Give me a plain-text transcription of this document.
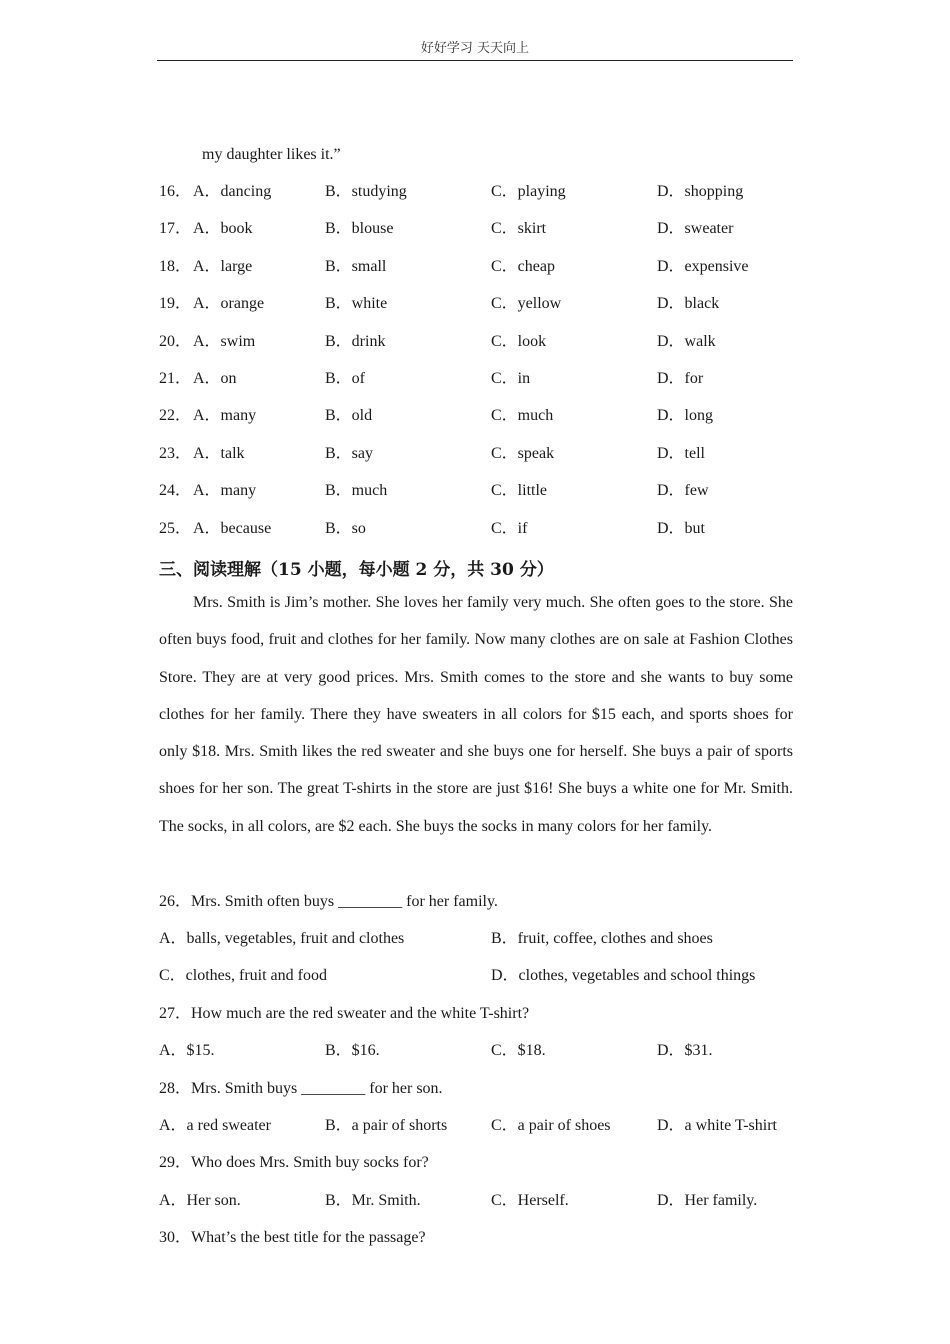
好好学习 天天向上
my daughter likes it.”
16． A．dancing	B．studying	C．playing	D．shopping
17． A．book	B．blouse	C．skirt	D．sweater
18． A．large	B．small	C．cheap	D．expensive
19． A．orange	B．white	C．yellow	D．black
20． A．swim	B．drink	C．look	D．walk
21． A．on	B．of	C．in	D．for
22． A．many	B．old	C．much	D．long
23． A．talk	B．say	C．speak	D．tell
24． A．many	B．much	C．little	D．few
25． A．because	B．so	C．if	D．but
三、阅读理解（15 小题，每小题 2 分，共 30 分）

Mrs. Smith is Jim’s mother. She loves her family very much. She often goes to the store. She often buys food, fruit and clothes for her family. Now many clothes are on sale at Fashion Clothes Store. They are at very good prices. Mrs. Smith comes to the store and she wants to buy some clothes for her family. There they have sweaters in all colors for $15 each, and sports shoes for only $18. Mrs. Smith likes the red sweater and she buys one for herself. She buys a pair of sports shoes for her son. The great T-shirts in the store are just $16! She buys a white one for Mr. Smith. The socks, in all colors, are $2 each. She buys the socks in many colors for her family.

26．Mrs. Smith often buys ________ for her family.
A．balls, vegetables, fruit and clothes	B．fruit, coffee, clothes and shoes
C．clothes, fruit and food	D．clothes, vegetables and school things
27．How much are the red sweater and the white T-shirt?
A．$15.	B．$16.	C．$18.	D．$31.
28．Mrs. Smith buys ________ for her son.
A．a red sweater	B．a pair of shorts	C．a pair of shoes	D．a white T-shirt
29．Who does Mrs. Smith buy socks for?
A．Her son.	B．Mr. Smith.	C．Herself.	D．Her family.
30．What’s the best title for the passage?
